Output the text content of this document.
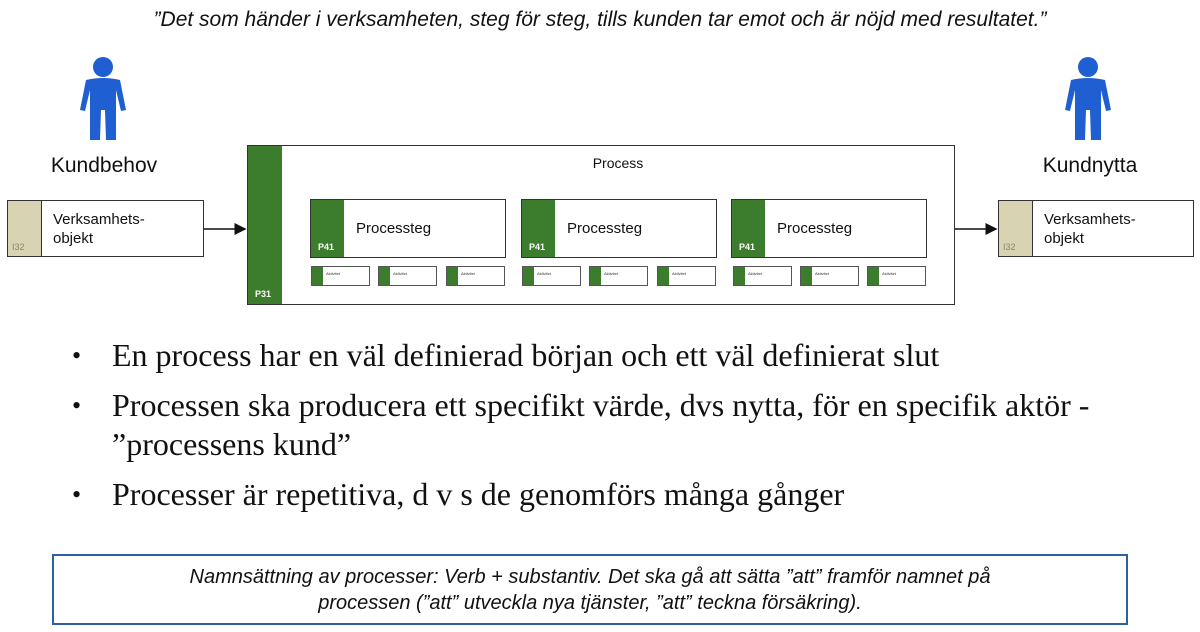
”Det som händer i verksamheten, steg för steg, tills kunden tar emot och är nöjd med resultatet.”
Kundbehov	Kundnytta
I32
Verksamhets-
objekt	I32
Verksamhets-
objekt
P31
Process
P41
Processteg
P41
Processteg
P41
Processteg
Aktivitet	Aktivitet	Aktivitet	Aktivitet	Aktivitet	Aktivitet	Aktivitet	Aktivitet	Aktivitet
• En process har en väl definierad början och ett väl definierat slut
• Processen ska producera ett specifikt värde, dvs nytta, för en specifik aktör - ”processens kund”
• Processer är repetitiva, d v s de genomförs många gånger
Namnsättning av processer: Verb + substantiv. Det ska gå att sätta ”att” framför namnet på
processen (”att” utveckla nya tjänster, ”att” teckna försäkring).
